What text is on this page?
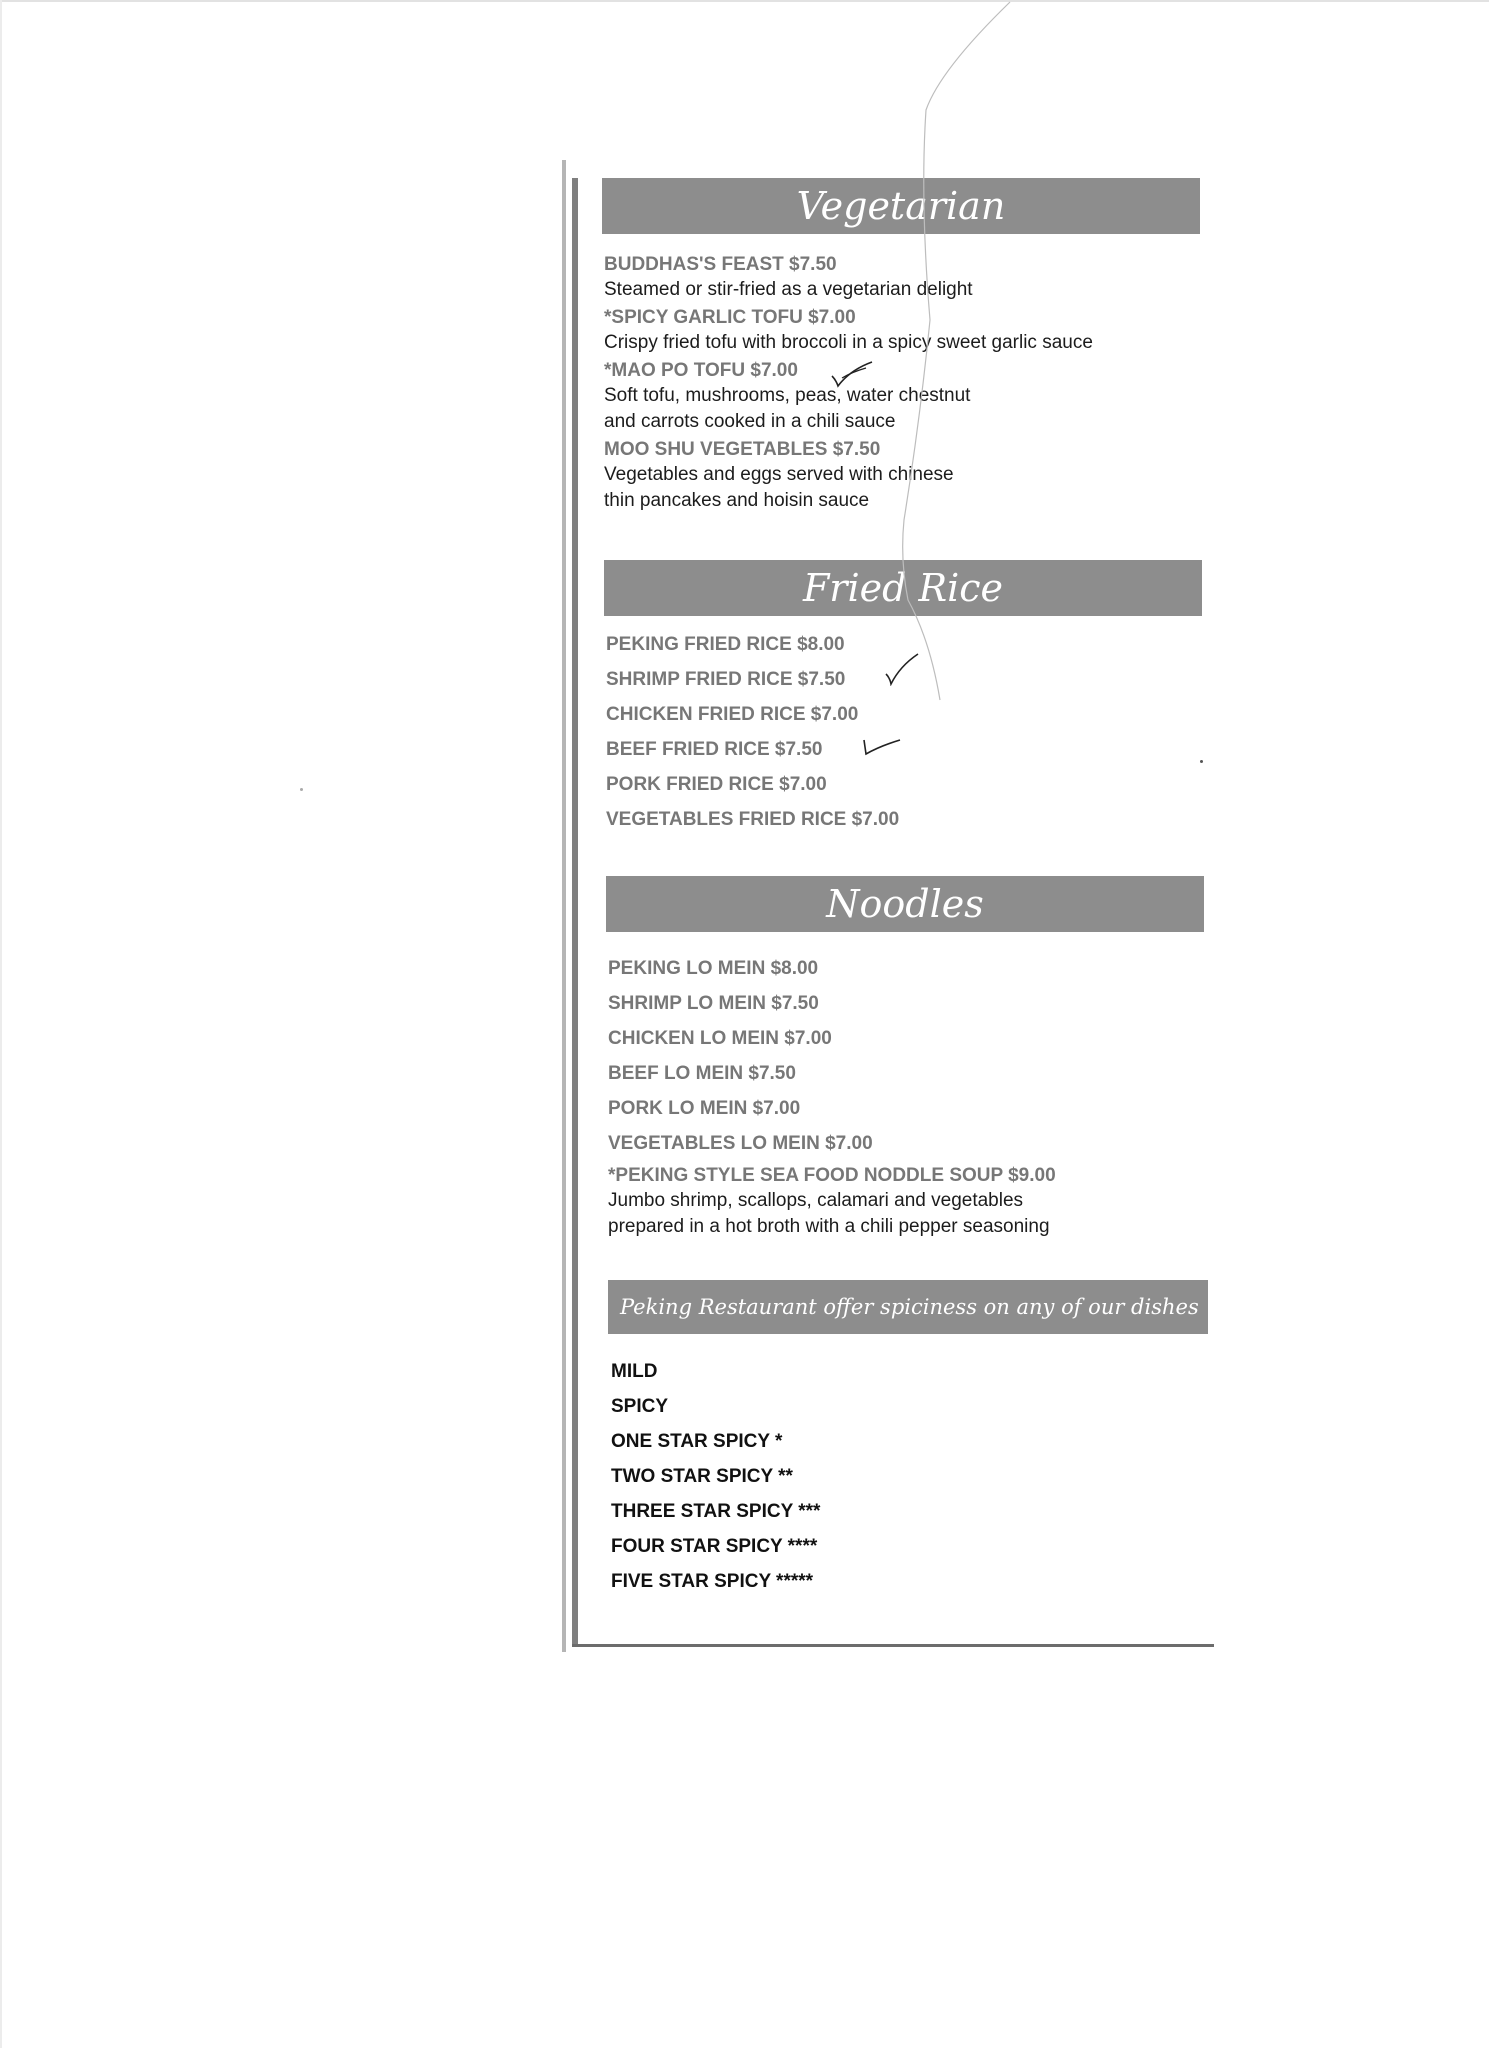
Vegetarian
BUDDHAS'S FEAST $7.50
Steamed or stir-fried as a vegetarian delight
*SPICY GARLIC TOFU $7.00
Crispy fried tofu with broccoli in a spicy sweet garlic sauce
*MAO PO TOFU $7.00
Soft tofu, mushrooms, peas, water chestnut
and carrots cooked in a chili sauce
MOO SHU VEGETABLES $7.50
Vegetables and eggs served with chinese
thin pancakes and hoisin sauce
Fried Rice
PEKING FRIED RICE $8.00
SHRIMP FRIED RICE $7.50
CHICKEN FRIED RICE $7.00
BEEF FRIED RICE $7.50
PORK FRIED RICE $7.00
VEGETABLES FRIED RICE $7.00
Noodles
PEKING LO MEIN $8.00
SHRIMP LO MEIN $7.50
CHICKEN LO MEIN $7.00
BEEF LO MEIN $7.50
PORK LO MEIN $7.00
VEGETABLES LO MEIN $7.00
*PEKING STYLE SEA FOOD NODDLE SOUP $9.00
Jumbo shrimp, scallops, calamari and vegetables
prepared in a hot broth with a chili pepper seasoning
Peking Restaurant offer spiciness on any of our dishes
MILD
SPICY
ONE STAR SPICY *
TWO STAR SPICY **
THREE STAR SPICY ***
FOUR STAR SPICY ****
FIVE STAR SPICY *****
